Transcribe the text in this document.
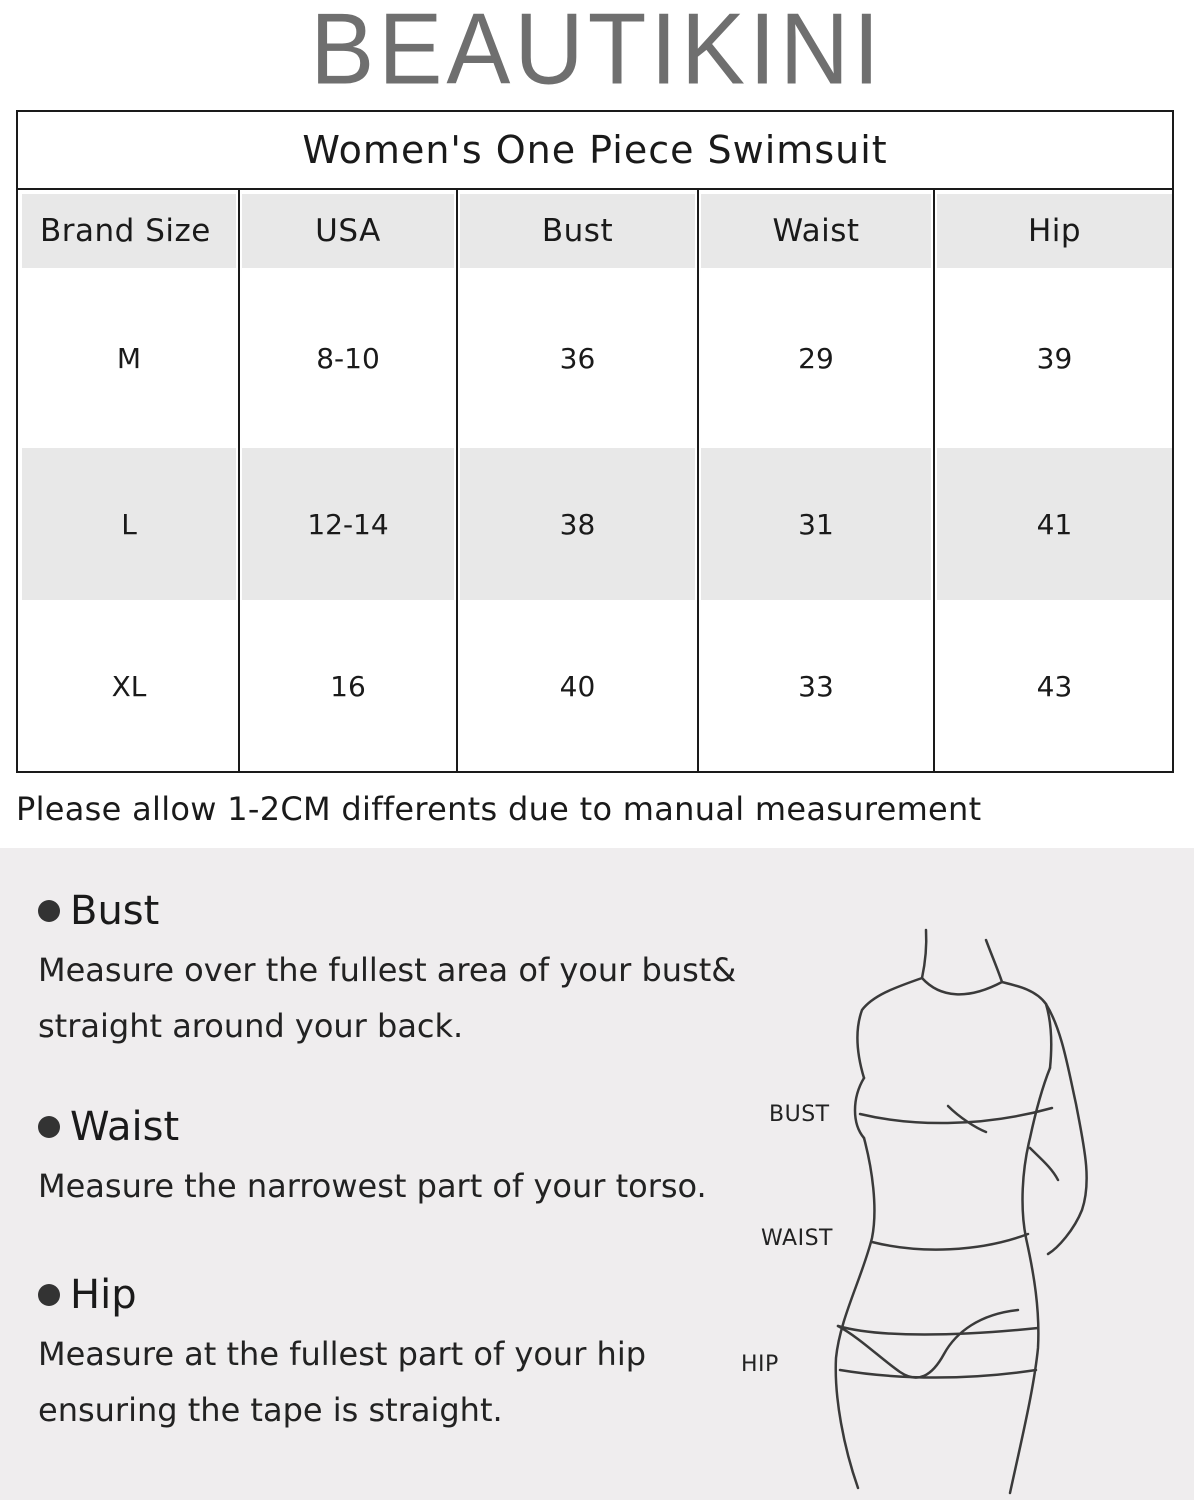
BEAUTIKINI
Women's One Piece Swimsuit
Brand Size	USA	Bust	Waist	Hip
M	8-10	36	29	39
L	12-14	38	31	41
XL	16	40	33	43
Please allow 1-2CM differents due to manual measurement
Bust
Measure over the fullest area of your bust&
straight around your back.
Waist
Measure the narrowest part of your torso.
Hip
Measure at the fullest part of your hip
ensuring the tape is straight.
BUST
WAIST
HIP
